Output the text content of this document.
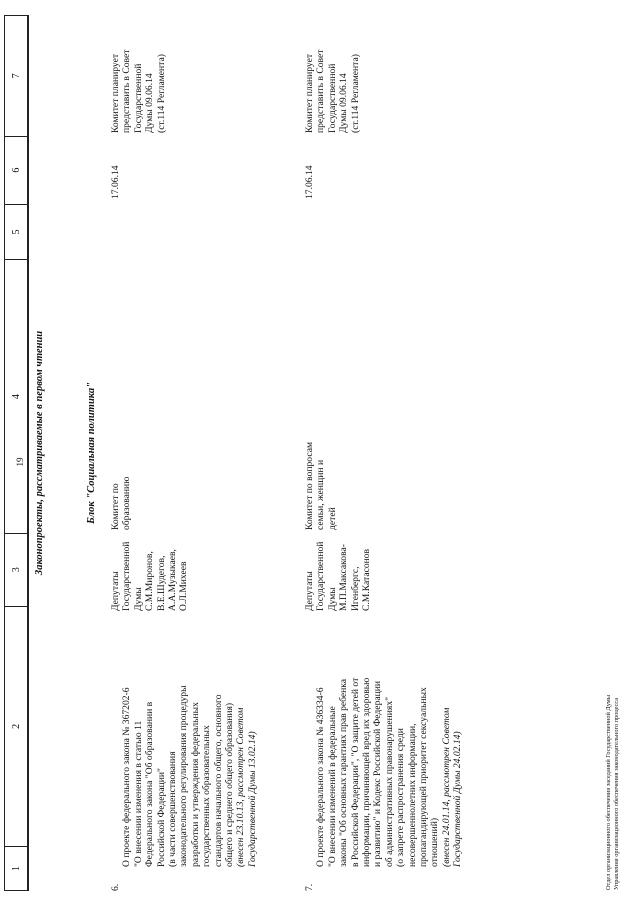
19
1
2
3
4
5
6
7
Законопроекты, рассматриваемые в первом чтении	Блок "Социальная политика"
6.

О проекте федерального закона № 367202-6
"О внесении изменения в статью 11
Федерального закона "Об образовании в
Российской Федерации"
(в части совершенствования
законодательного регулирования процедуры
разработки и утверждения федеральных
государственных образовательных
стандартов начального общего, основного
общего и среднего общего образования)
(внесен 23.10.13, рассмотрен Советом
Государственной Думы 13.02.14)

Депутаты
Государственной
Думы
С.М.Миронов,
В.Е.Шудегов,
А.А.Музыкаев,
О.Л.Михеев
Комитет по
образованию
17.06.14
Комитет планирует
представить в Совет
Государственной
Думы 09.06.14
(ст.114 Регламента)
7.

О проекте федерального закона № 436334-6
"О внесении изменений в федеральные
законы "Об основных гарантиях прав ребенка
в Российской Федерации", "О защите детей от
информации, причиняющей вред их здоровью
и развитию" и Кодекс Российской Федерации
об административных правонарушениях"
(о запрете распространения среди
несовершеннолетних информации,
пропагандирующей приоритет сексуальных
отношений)
(внесен 24.01.14, рассмотрен Советом
Государственной Думы 24.02.14)

Депутаты
Государственной
Думы
М.П.Максакова-
Игенбергс,
С.М.Катасонов
Комитет по вопросам
семьи, женщин и
детей
17.06.14
Комитет планирует
представить в Совет
Государственной
Думы 09.06.14
(ст.114 Регламента)
Отдел организационного обеспечения заседаний Государственной Думы
Управления организационного обеспечения законодательного процесса
